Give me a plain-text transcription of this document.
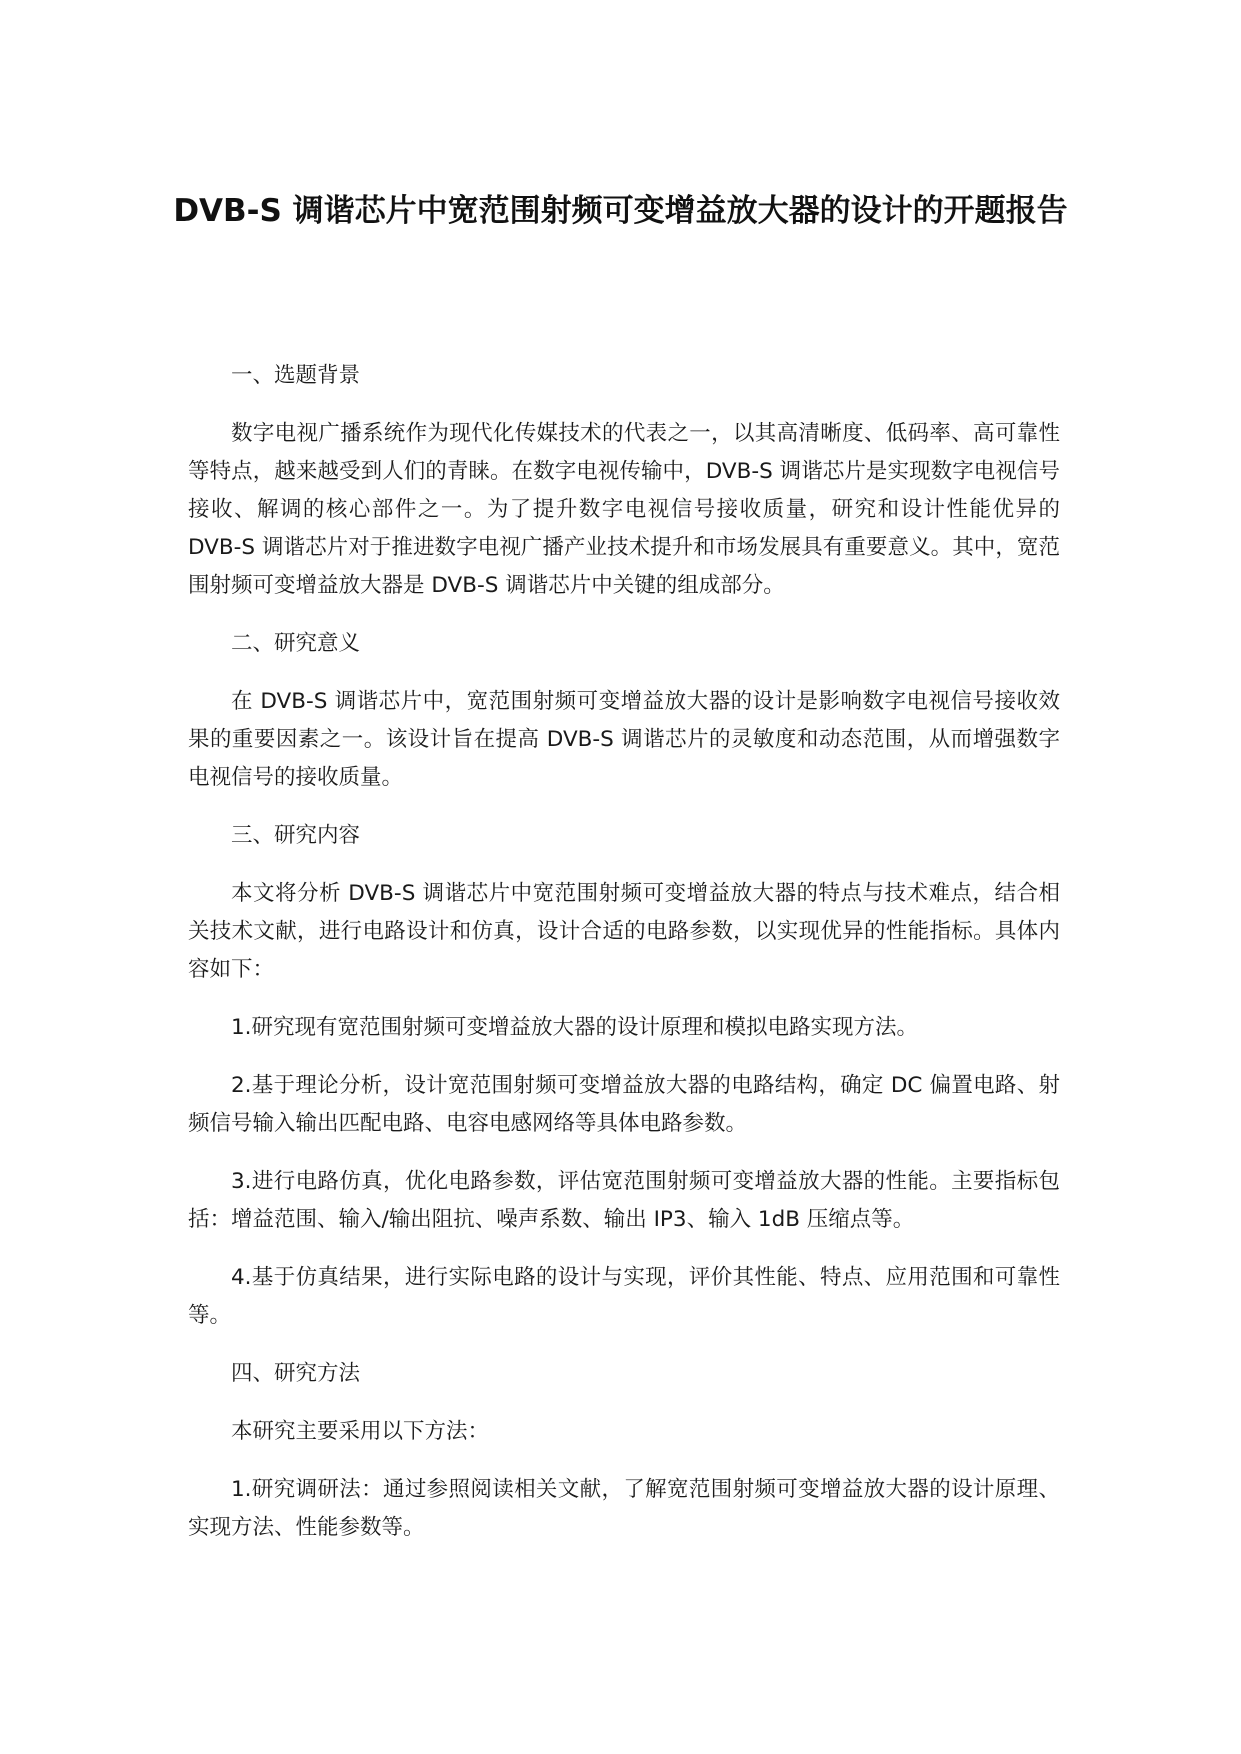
DVB-S 调谐芯片中宽范围射频可变增益放大器的设计的开题报告

一、选题背景

数字电视广播系统作为现代化传媒技术的代表之一，以其高清晰度、低码率、高可靠性等特点，越来越受到人们的青睐。在数字电视传输中，DVB-S 调谐芯片是实现数字电视信号接收、解调的核心部件之一。为了提升数字电视信号接收质量，研究和设计性能优异的 DVB-S 调谐芯片对于推进数字电视广播产业技术提升和市场发展具有重要意义。其中，宽范围射频可变增益放大器是 DVB-S 调谐芯片中关键的组成部分。

二、研究意义

在 DVB-S 调谐芯片中，宽范围射频可变增益放大器的设计是影响数字电视信号接收效果的重要因素之一。该设计旨在提高 DVB-S 调谐芯片的灵敏度和动态范围，从而增强数字电视信号的接收质量。

三、研究内容

本文将分析 DVB-S 调谐芯片中宽范围射频可变增益放大器的特点与技术难点，结合相关技术文献，进行电路设计和仿真，设计合适的电路参数，以实现优异的性能指标。具体内容如下：

1.研究现有宽范围射频可变增益放大器的设计原理和模拟电路实现方法。

2.基于理论分析，设计宽范围射频可变增益放大器的电路结构，确定 DC 偏置电路、射频信号输入输出匹配电路、电容电感网络等具体电路参数。

3.进行电路仿真，优化电路参数，评估宽范围射频可变增益放大器的性能。主要指标包括：增益范围、输入/输出阻抗、噪声系数、输出 IP3、输入 1dB 压缩点等。

4.基于仿真结果，进行实际电路的设计与实现，评价其性能、特点、应用范围和可靠性等。

四、研究方法

本研究主要采用以下方法：

1.研究调研法：通过参照阅读相关文献，了解宽范围射频可变增益放大器的设计原理、实现方法、性能参数等。
